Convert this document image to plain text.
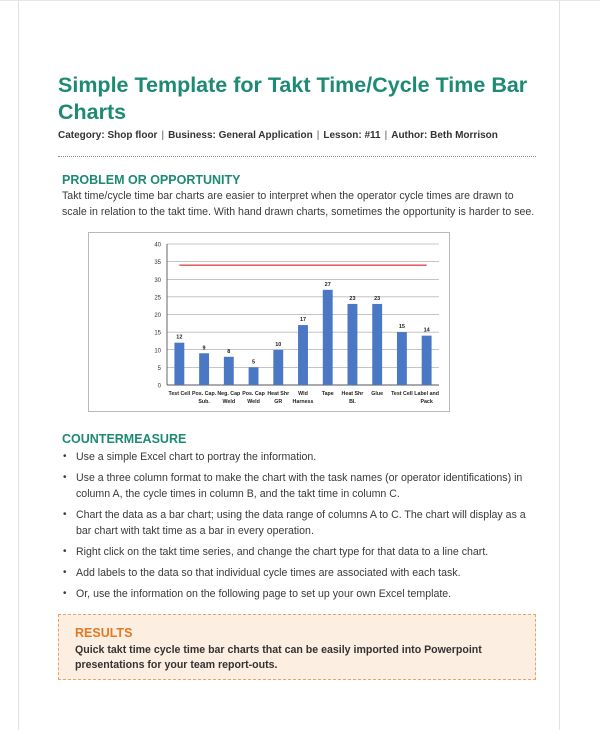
Simple Template for Takt Time/Cycle Time Bar Charts
Category: Shop floor | Business: General Application | Lesson: #11 | Author: Beth Morrison
PROBLEM OR OPPORTUNITY
Takt time/cycle time bar charts are easier to interpret when the operator cycle times are drawn to scale in relation to the takt time. With hand drawn charts, sometimes the opportunity is harder to see.
0
5
10
15
20
25
30
35
40
12
Test Cell
9
Pos. Cap.
Sub.
8
Neg. Cap
Weld
5
Pos. Cap
Weld
10
Heat Shr
GR
17
Wld
Harness
27
Tape
23
Heat Shr
Bl.
23
Glue
15
Test Cell
14
Label and
Pack
COUNTERMEASURE
• Use a simple Excel chart to portray the information.
• Use a three column format to make the chart with the task names (or operator identifications) in column A, the cycle times in column B, and the takt time in column C.
• Chart the data as a bar chart; using the data range of columns A to C. The chart will display as a bar chart with takt time as a bar in every operation.
• Right click on the takt time series, and change the chart type for that data to a line chart.
• Add labels to the data so that individual cycle times are associated with each task.
• Or, use the information on the following page to set up your own Excel template.
RESULTS
Quick takt time cycle time bar charts that can be easily imported into Powerpoint presentations for your team report-outs.
